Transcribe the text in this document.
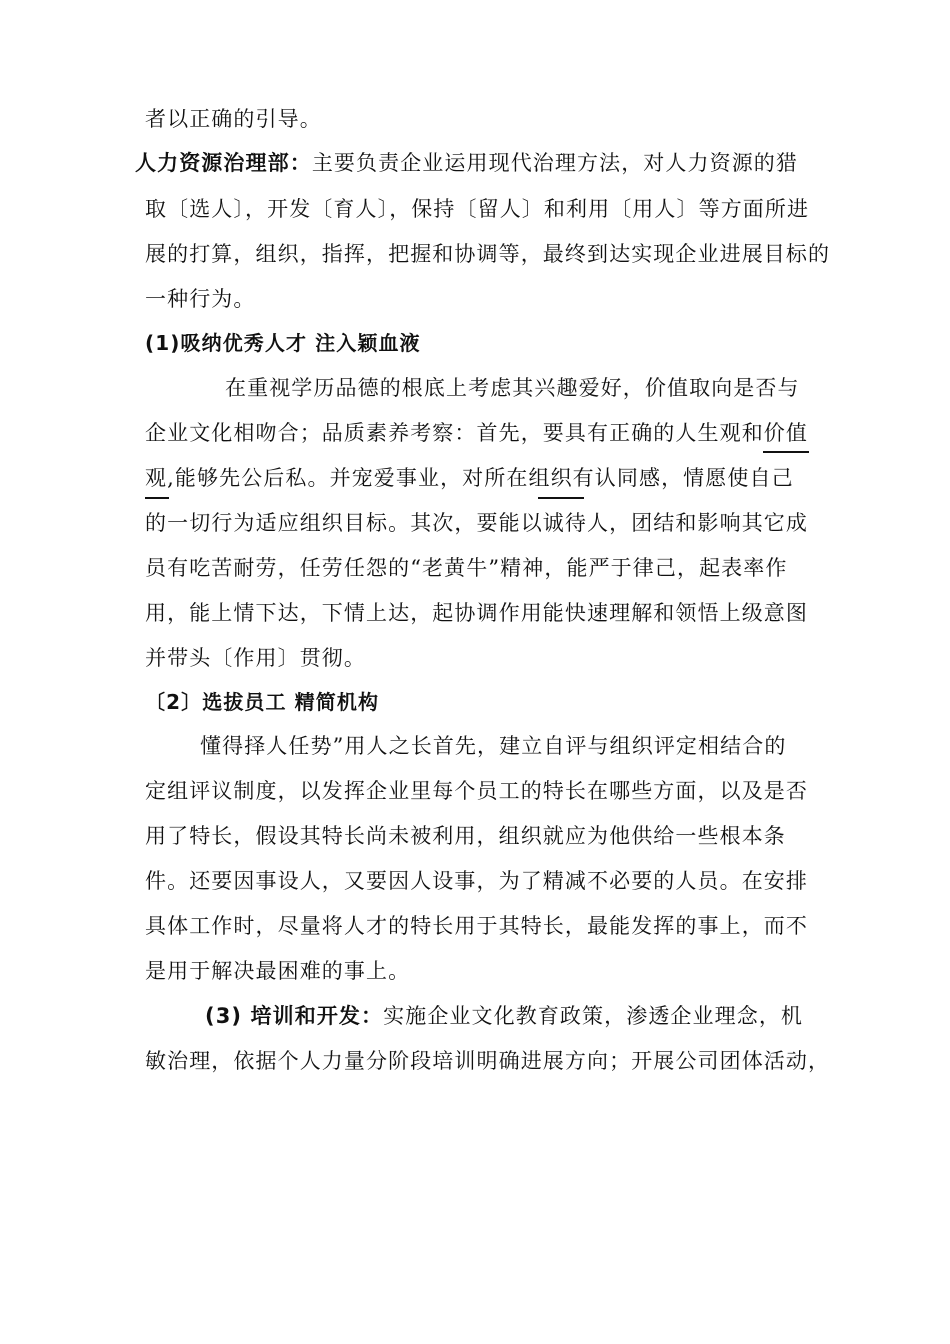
者以正确的引导。
人力资源治理部：主要负责企业运用现代治理方法，对人力资源的猎
取〔选人〕，开发〔育人〕，保持〔留人〕和利用〔用人〕等方面所进
展的打算，组织，指挥，把握和协调等，最终到达实现企业进展目标的
一种行为。
(1)吸纳优秀人才 注入颖血液
在重视学历品德的根底上考虑其兴趣爱好，价值取向是否与
企业文化相吻合；品质素养考察：首先，要具有正确的人生观和价值
观,能够先公后私。并宠爱事业，对所在组织有认同感，情愿使自己
的一切行为适应组织目标。其次，要能以诚待人，团结和影响其它成
员有吃苦耐劳，任劳任怨的“老黄牛”精神，能严于律己，起表率作
用，能上情下达，下情上达，起协调作用能快速理解和领悟上级意图
并带头〔作用〕贯彻。
〔2〕选拔员工 精简机构
懂得择人任势”用人之长首先，建立自评与组织评定相结合的
定组评议制度，以发挥企业里每个员工的特长在哪些方面，以及是否
用了特长，假设其特长尚未被利用，组织就应为他供给一些根本条
件。还要因事设人，又要因人设事，为了精减不必要的人员。在安排
具体工作时，尽量将人才的特长用于其特长，最能发挥的事上，而不
是用于解决最困难的事上。
(3) 培训和开发：实施企业文化教育政策，渗透企业理念，机
敏治理，依据个人力量分阶段培训明确进展方向；开展公司团体活动，
